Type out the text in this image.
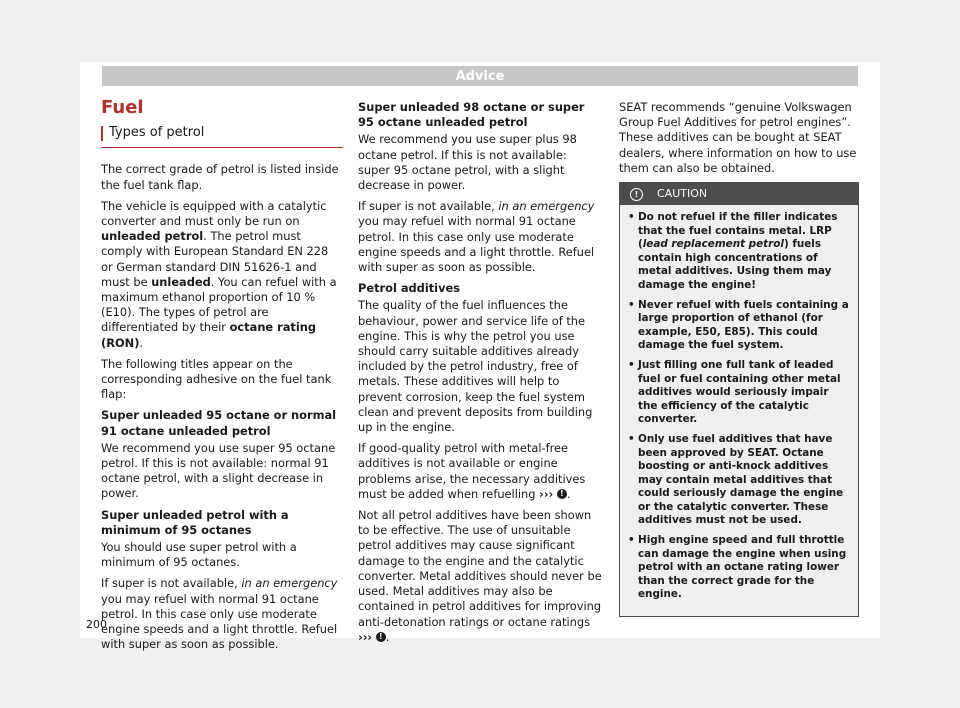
Advice
Fuel
Types of petrol

The correct grade of petrol is listed inside the fuel tank flap.

The vehicle is equipped with a catalytic converter and must only be run on unleaded petrol. The petrol must comply with European Standard EN 228 or German standard DIN 51626-1 and must be unleaded. You can refuel with a maximum ethanol proportion of 10 % (E10). The types of petrol are differentiated by their octane rating (RON).

The following titles appear on the corresponding adhesive on the fuel tank flap:

Super unleaded 95 octane or normal 91 octane unleaded petrol

We recommend you use super 95 octane petrol. If this is not available: normal 91 octane petrol, with a slight decrease in power.

Super unleaded petrol with a minimum of 95 octanes

You should use super petrol with a minimum of 95 octanes.

If super is not available, in an emergency you may refuel with normal 91 octane petrol. In this case only use moderate engine speeds and a light throttle. Refuel with super as soon as possible.

Super unleaded 98 octane or super 95 octane unleaded petrol

We recommend you use super plus 98 octane petrol. If this is not available: super 95 octane petrol, with a slight decrease in power.

If super is not available, in an emergency you may refuel with normal 91 octane petrol. In this case only use moderate engine speeds and a light throttle. Refuel with super as soon as possible.

Petrol additives

The quality of the fuel influences the behaviour, power and service life of the engine. This is why the petrol you use should carry suitable additives already included by the petrol industry, free of metals. These additives will help to prevent corrosion, keep the fuel system clean and prevent deposits from building up in the engine.

If good-quality petrol with metal-free additives is not available or engine problems arise, the necessary additives must be added when refuelling ››› ! .

Not all petrol additives have been shown to be effective. The use of unsuitable petrol additives may cause significant damage to the engine and the catalytic converter. Metal additives should never be used. Metal additives may also be contained in petrol additives for improving anti-detonation ratings or octane ratings ››› ! .

SEAT recommends “genuine Volkswagen Group Fuel Additives for petrol engines”. These additives can be bought at SEAT dealers, where information on how to use them can also be obtained.

!	CAUTION
• Do not refuel if the filler indicates that the fuel contains metal. LRP (lead replacement petrol) fuels contain high concentrations of metal additives. Using them may damage the engine!
• Never refuel with fuels containing a large proportion of ethanol (for example, E50, E85). This could damage the fuel system.
• Just filling one full tank of leaded fuel or fuel containing other metal additives would seriously impair the efficiency of the catalytic converter.
• Only use fuel additives that have been approved by SEAT. Octane boosting or anti-knock additives may contain metal additives that could seriously damage the engine or the catalytic converter. These additives must not be used.
• High engine speed and full throttle can damage the engine when using petrol with an octane rating lower than the correct grade for the engine.
200
